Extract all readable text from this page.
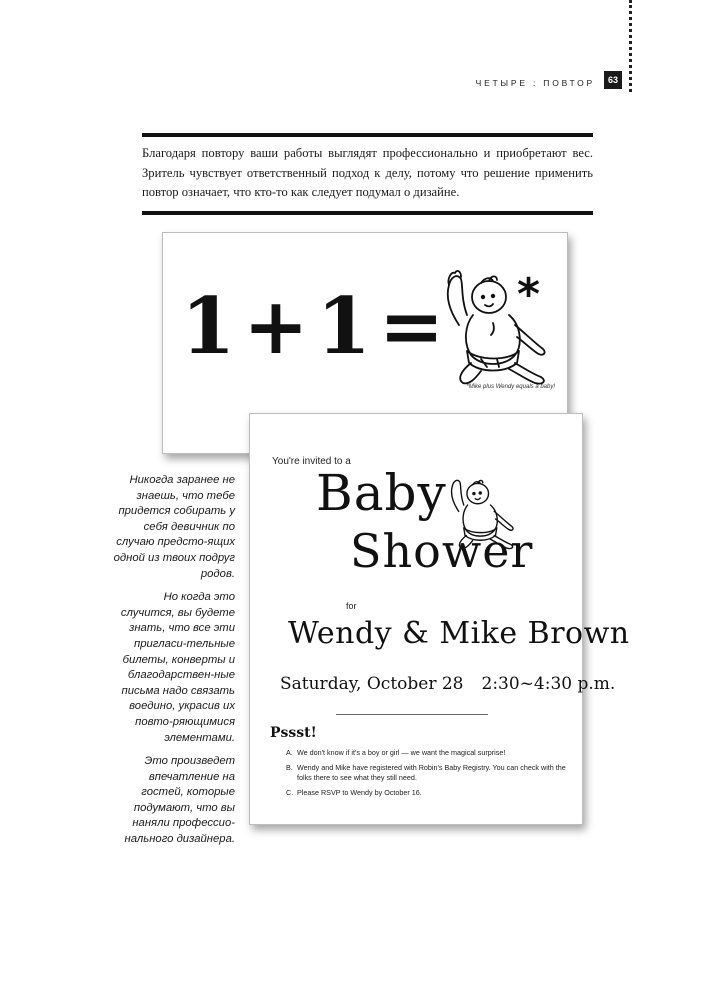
ЧЕТЫРЕ : ПОВТОР	63

Благодаря повтору ваши работы выглядят профессионально и приобретают вес. Зритель чувствует ответственный подход к делу, потому что решение применить повтор означает, что кто-то как следует подумал о дизайне.

1+1= *
*Mike plus Wendy equals a baby!
You're invited to a
Baby
Shower
for
Wendy & Mike Brown
Saturday, October 28 2:30~4:30 p.m.
Pssst!
A. We don't know if it's a boy or girl — we want the magical surprise!
B. Wendy and Mike have registered with Robin's Baby Registry. You can check with the folks there to see what they still need.
C. Please RSVP to Wendy by October 16.

Никогда заранее не знаешь, что тебе придется собирать у себя девичник по случаю предсто-ящих одной из твоих подруг родов.

Но когда это случится, вы будете знать, что все эти пригласи-тельные билеты, конверты и благодарствен-ные письма надо связать воедино, украсив их повто-ряющимися элементами.

Это произведет впечатление на гостей, которые подумают, что вы наняли профессио-нального дизайнера.
